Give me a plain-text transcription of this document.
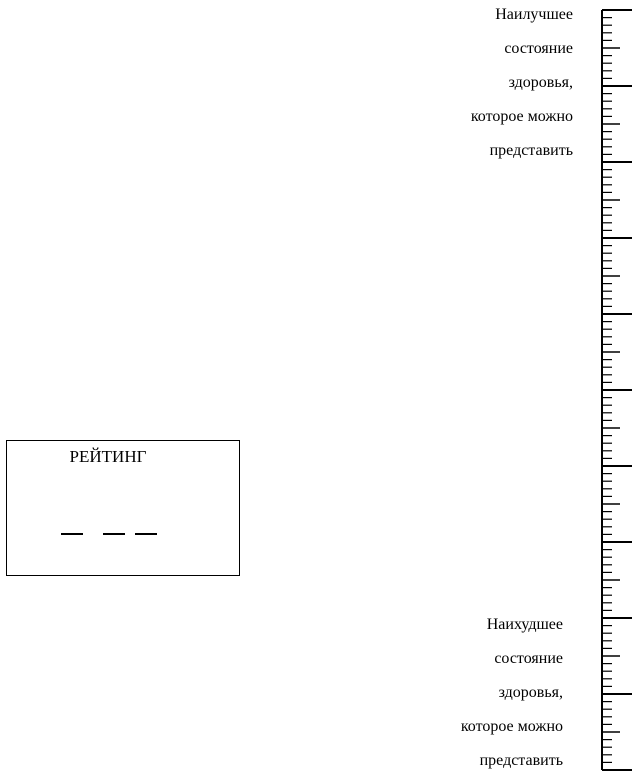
Наилучшее
состояние
здоровья,
которое можно
представить
Наихудшее
состояние
здоровья,
которое можно
представить
РЕЙТИНГ
